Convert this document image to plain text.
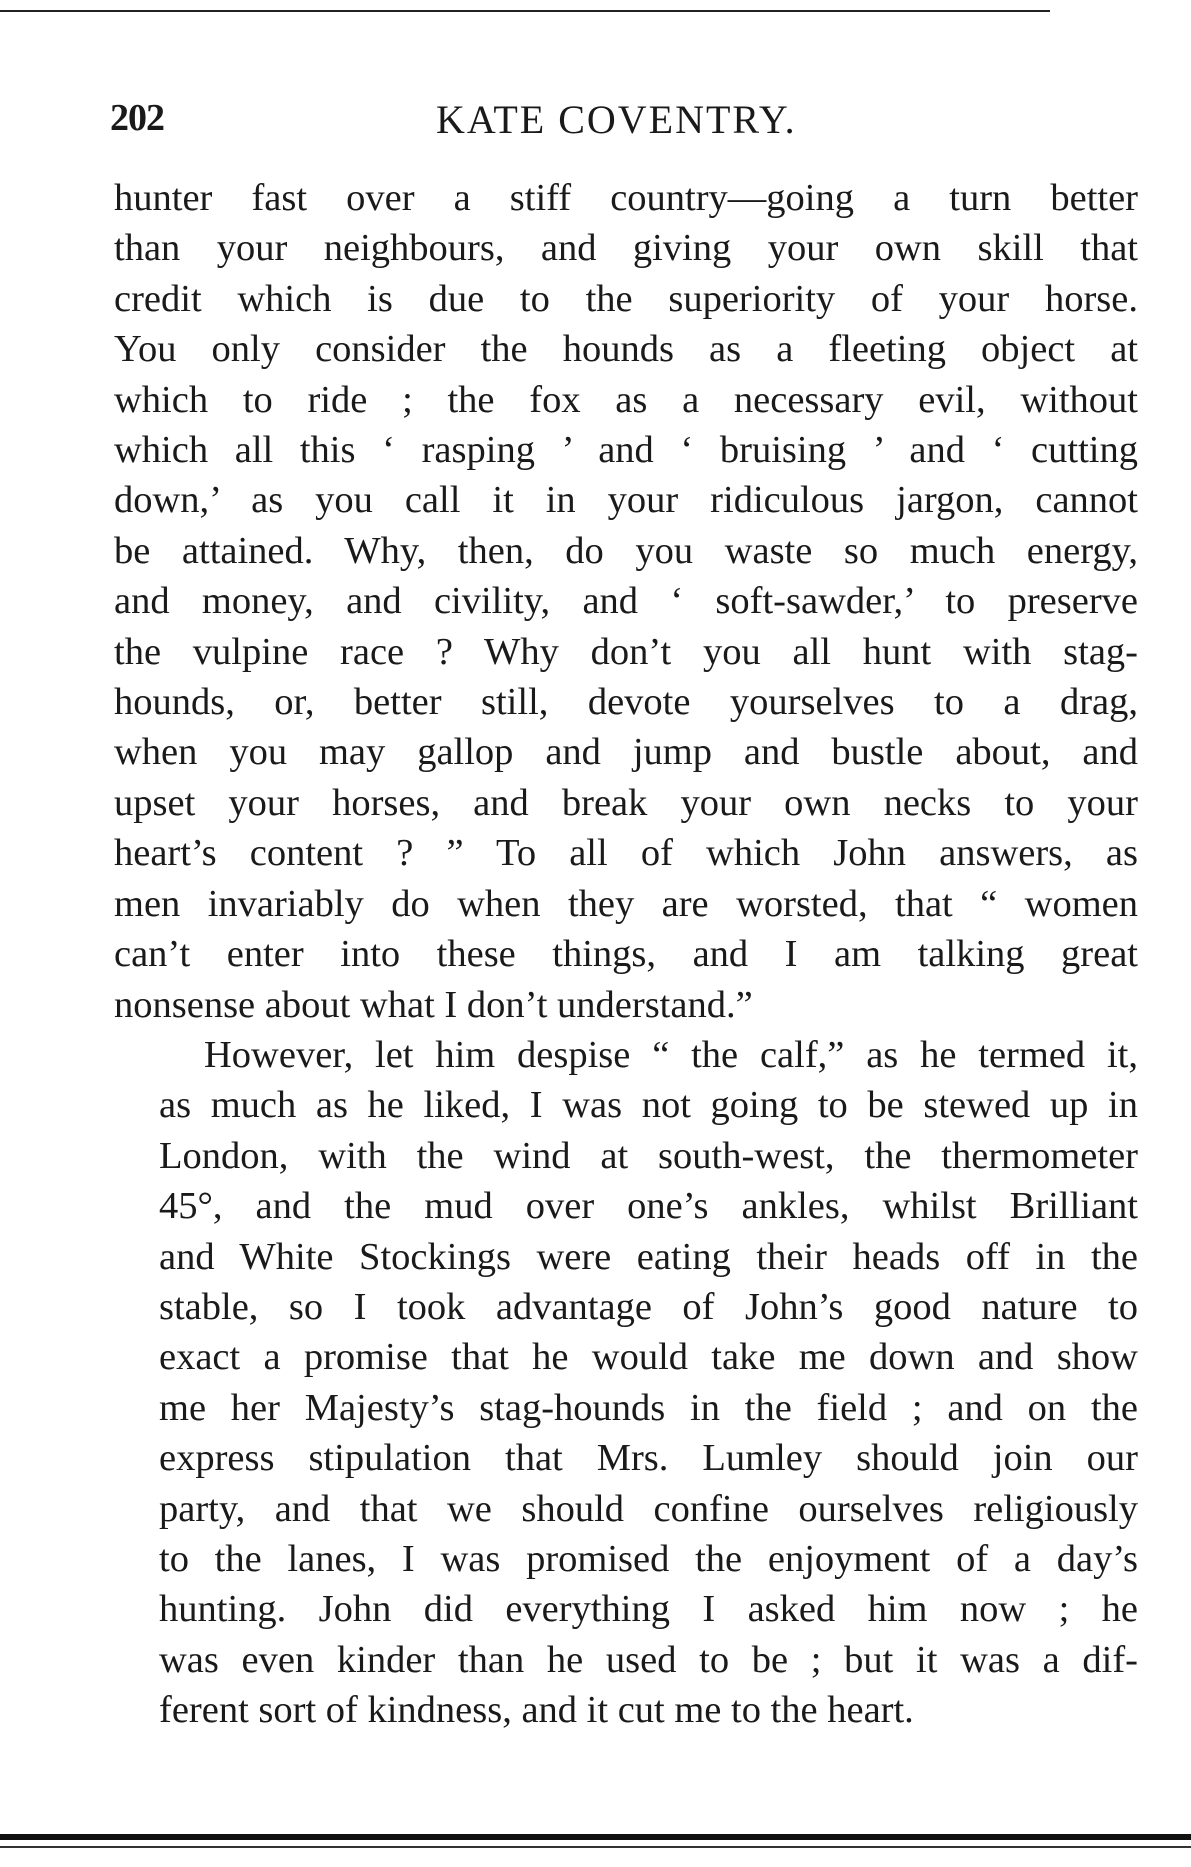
202	KATE COVENTRY.
hunter fast over a stiff country—going a turn better
than your neighbours, and giving your own skill that
credit which is due to the superiority of your horse.
You only consider the hounds as a fleeting object at
which to ride ; the fox as a necessary evil, without
which all this ‘ rasping ’ and ‘ bruising ’ and ‘ cutting
down,’ as you call it in your ridiculous jargon, cannot
be attained. Why, then, do you waste so much energy,
and money, and civility, and ‘ soft-sawder,’ to preserve
the vulpine race ? Why don’t you all hunt with stag-
hounds, or, better still, devote yourselves to a drag,
when you may gallop and jump and bustle about, and
upset your horses, and break your own necks to your
heart’s content ? ” To all of which John answers, as
men invariably do when they are worsted, that “ women
can’t enter into these things, and I am talking great
nonsense about what I don’t understand.”
However, let him despise “ the calf,” as he termed it,
as much as he liked, I was not going to be stewed up in
London, with the wind at south-west, the thermometer
45°, and the mud over one’s ankles, whilst Brilliant
and White Stockings were eating their heads off in the
stable, so I took advantage of John’s good nature to
exact a promise that he would take me down and show
me her Majesty’s stag-hounds in the field ; and on the
express stipulation that Mrs. Lumley should join our
party, and that we should confine ourselves religiously
to the lanes, I was promised the enjoyment of a day’s
hunting. John did everything I asked him now ; he
was even kinder than he used to be ; but it was a dif-
ferent sort of kindness, and it cut me to the heart.
